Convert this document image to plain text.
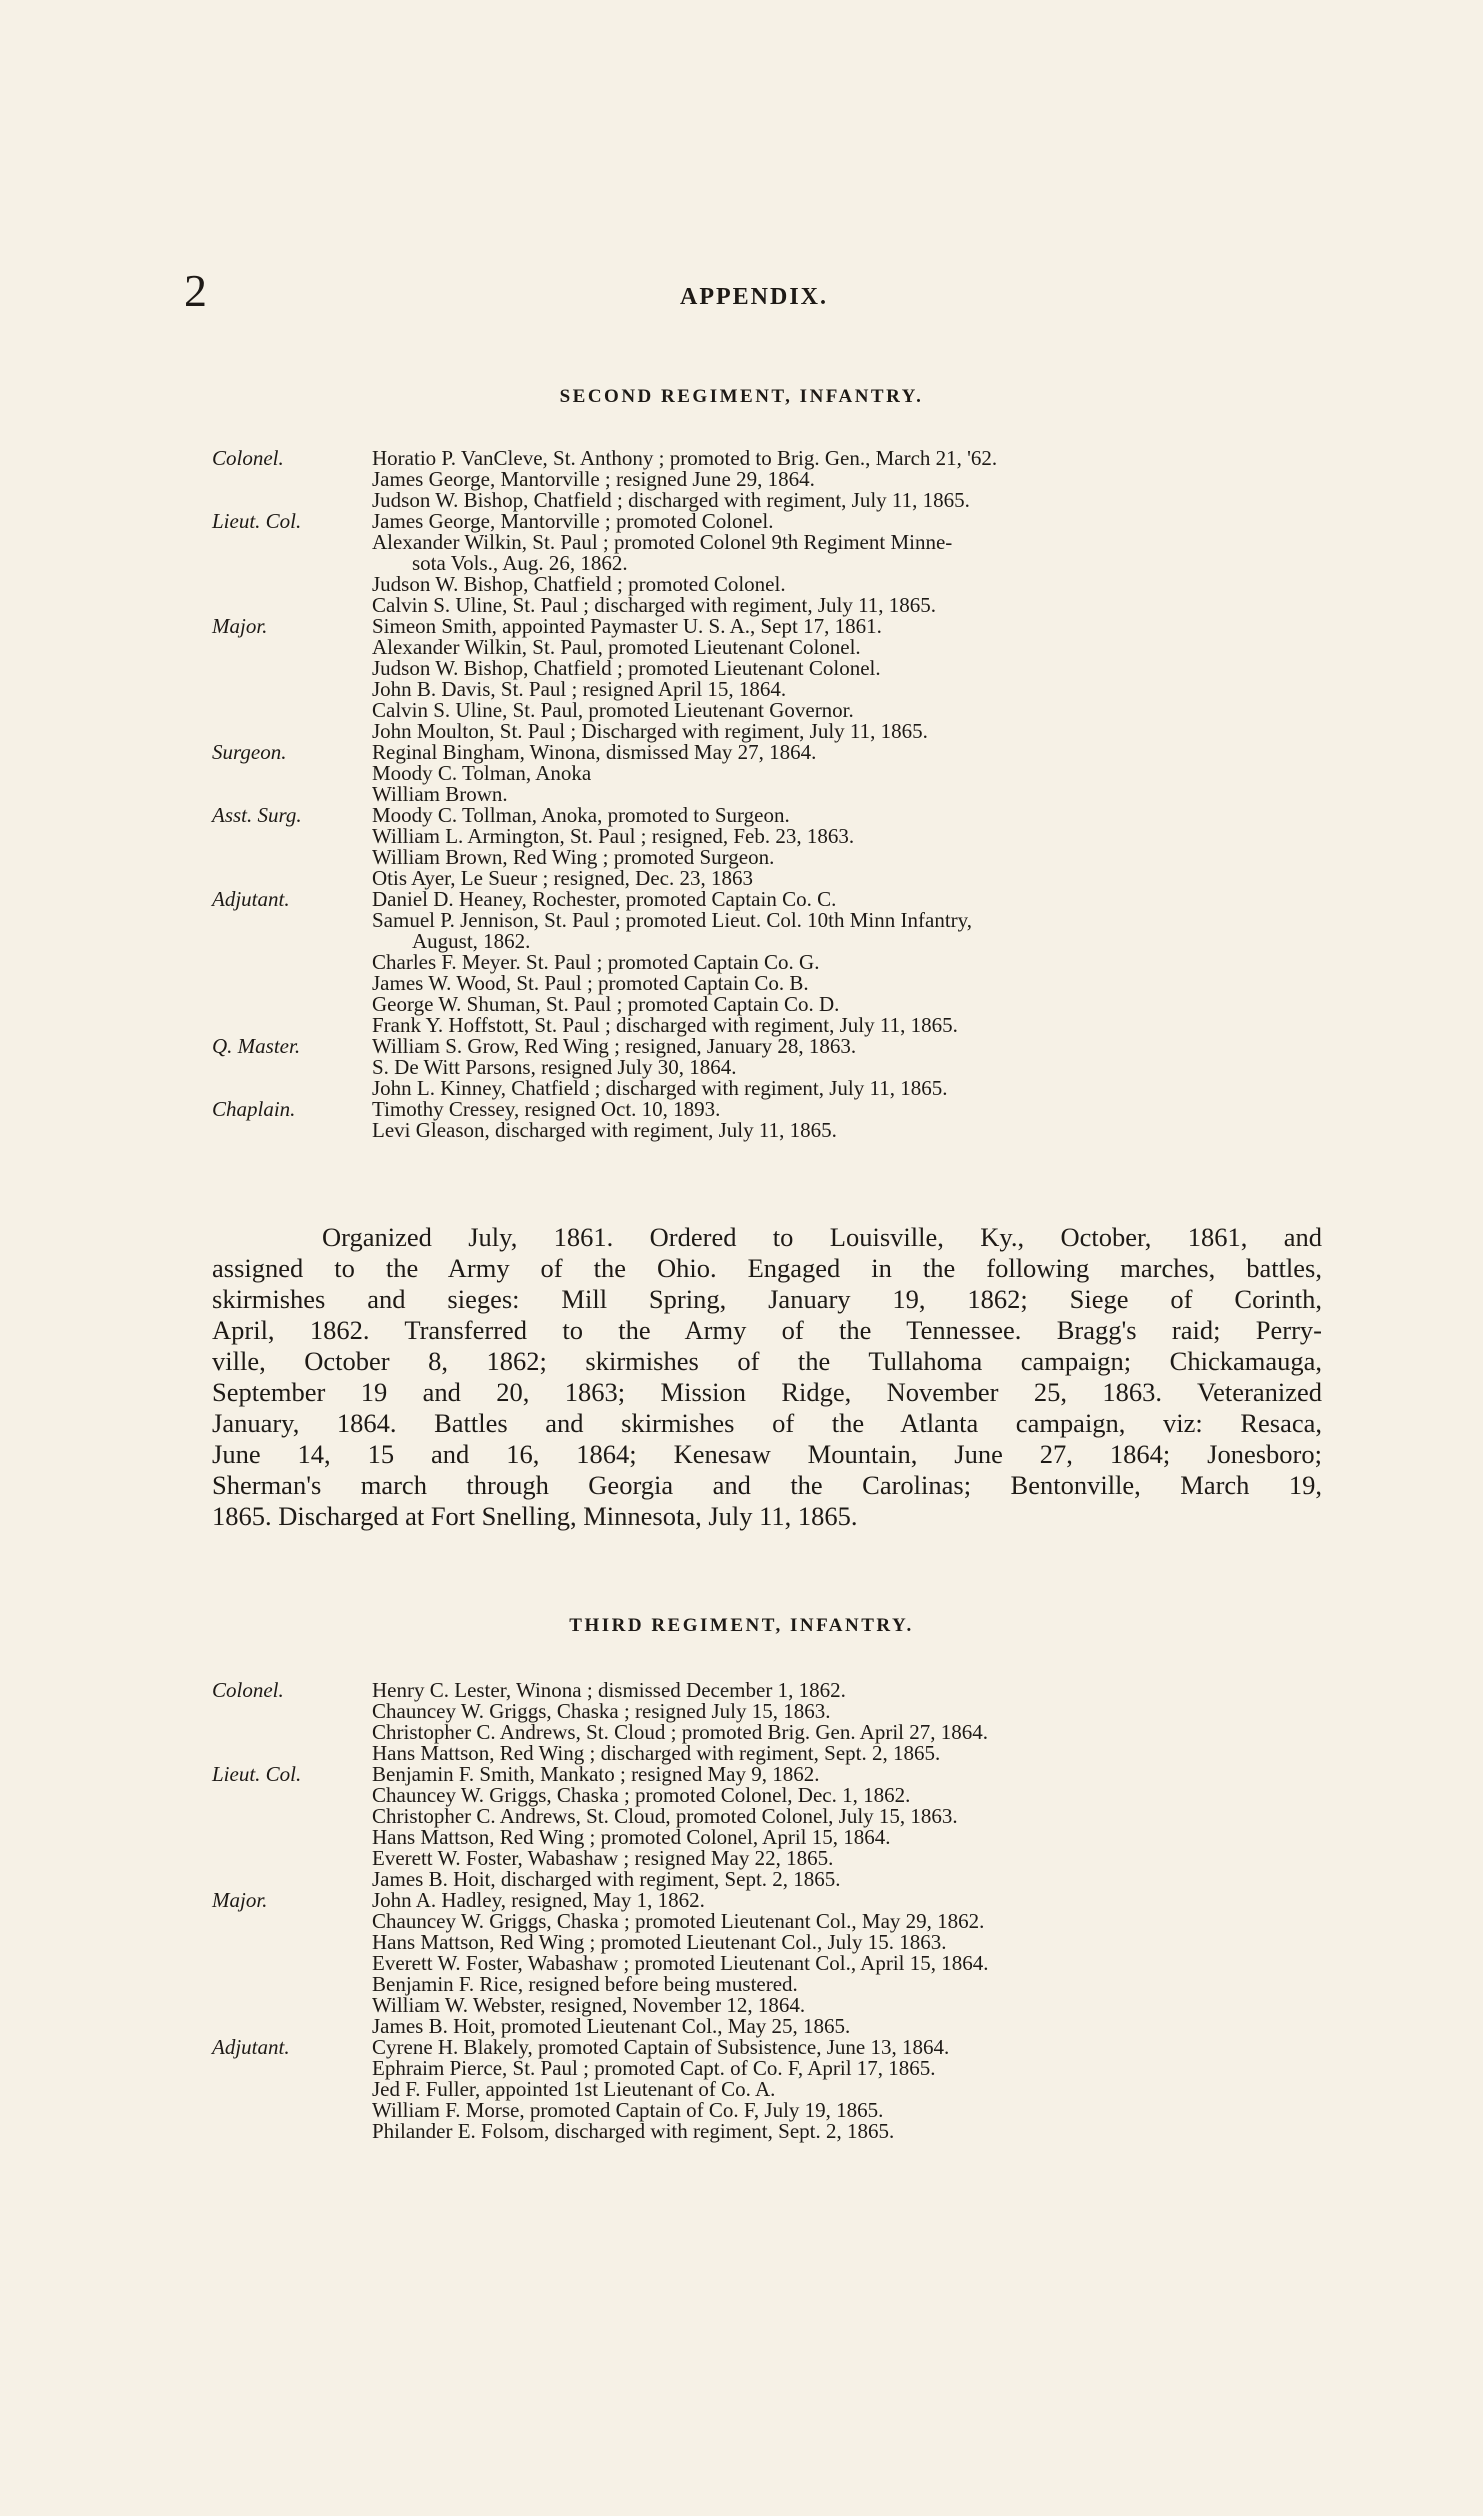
2	APPENDIX.
SECOND REGIMENT, INFANTRY.
Colonel.	Horatio P. VanCleve, St. Anthony ; promoted to Brig. Gen., March 21, '62.
James George, Mantorville ; resigned June 29, 1864.
Judson W. Bishop, Chatfield ; discharged with regiment, July 11, 1865.
Lieut. Col.	James George, Mantorville ; promoted Colonel.
Alexander Wilkin, St. Paul ; promoted Colonel 9th Regiment Minne-
sota Vols., Aug. 26, 1862.
Judson W. Bishop, Chatfield ; promoted Colonel.
Calvin S. Uline, St. Paul ; discharged with regiment, July 11, 1865.
Major.	Simeon Smith, appointed Paymaster U. S. A., Sept 17, 1861.
Alexander Wilkin, St. Paul, promoted Lieutenant Colonel.
Judson W. Bishop, Chatfield ; promoted Lieutenant Colonel.
John B. Davis, St. Paul ; resigned April 15, 1864.
Calvin S. Uline, St. Paul, promoted Lieutenant Governor.
John Moulton, St. Paul ; Discharged with regiment, July 11, 1865.
Surgeon.	Reginal Bingham, Winona, dismissed May 27, 1864.
Moody C. Tolman, Anoka
William Brown.
Asst. Surg.	Moody C. Tollman, Anoka, promoted to Surgeon.
William L. Armington, St. Paul ; resigned, Feb. 23, 1863.
William Brown, Red Wing ; promoted Surgeon.
Otis Ayer, Le Sueur ; resigned, Dec. 23, 1863
Adjutant.	Daniel D. Heaney, Rochester, promoted Captain Co. C.
Samuel P. Jennison, St. Paul ; promoted Lieut. Col. 10th Minn Infantry,
August, 1862.
Charles F. Meyer. St. Paul ; promoted Captain Co. G.
James W. Wood, St. Paul ; promoted Captain Co. B.
George W. Shuman, St. Paul ; promoted Captain Co. D.
Frank Y. Hoffstott, St. Paul ; discharged with regiment, July 11, 1865.
Q. Master.	William S. Grow, Red Wing ; resigned, January 28, 1863.
S. De Witt Parsons, resigned July 30, 1864.
John L. Kinney, Chatfield ; discharged with regiment, July 11, 1865.
Chaplain.	Timothy Cressey, resigned Oct. 10, 1893.
Levi Gleason, discharged with regiment, July 11, 1865.
Organized July, 1861. Ordered to Louisville, Ky., October, 1861, and
assigned to the Army of the Ohio. Engaged in the following marches, battles,
skirmishes and sieges: Mill Spring, January 19, 1862; Siege of Corinth,
April, 1862. Transferred to the Army of the Tennessee. Bragg's raid; Perry-
ville, October 8, 1862; skirmishes of the Tullahoma campaign; Chickamauga,
September 19 and 20, 1863; Mission Ridge, November 25, 1863. Veteranized
January, 1864. Battles and skirmishes of the Atlanta campaign, viz: Resaca,
June 14, 15 and 16, 1864; Kenesaw Mountain, June 27, 1864; Jonesboro;
Sherman's march through Georgia and the Carolinas; Bentonville, March 19,
1865. Discharged at Fort Snelling, Minnesota, July 11, 1865.
THIRD REGIMENT, INFANTRY.
Colonel.	Henry C. Lester, Winona ; dismissed December 1, 1862.
Chauncey W. Griggs, Chaska ; resigned July 15, 1863.
Christopher C. Andrews, St. Cloud ; promoted Brig. Gen. April 27, 1864.
Hans Mattson, Red Wing ; discharged with regiment, Sept. 2, 1865.
Lieut. Col.	Benjamin F. Smith, Mankato ; resigned May 9, 1862.
Chauncey W. Griggs, Chaska ; promoted Colonel, Dec. 1, 1862.
Christopher C. Andrews, St. Cloud, promoted Colonel, July 15, 1863.
Hans Mattson, Red Wing ; promoted Colonel, April 15, 1864.
Everett W. Foster, Wabashaw ; resigned May 22, 1865.
James B. Hoit, discharged with regiment, Sept. 2, 1865.
Major.	John A. Hadley, resigned, May 1, 1862.
Chauncey W. Griggs, Chaska ; promoted Lieutenant Col., May 29, 1862.
Hans Mattson, Red Wing ; promoted Lieutenant Col., July 15. 1863.
Everett W. Foster, Wabashaw ; promoted Lieutenant Col., April 15, 1864.
Benjamin F. Rice, resigned before being mustered.
William W. Webster, resigned, November 12, 1864.
James B. Hoit, promoted Lieutenant Col., May 25, 1865.
Adjutant.	Cyrene H. Blakely, promoted Captain of Subsistence, June 13, 1864.
Ephraim Pierce, St. Paul ; promoted Capt. of Co. F, April 17, 1865.
Jed F. Fuller, appointed 1st Lieutenant of Co. A.
William F. Morse, promoted Captain of Co. F, July 19, 1865.
Philander E. Folsom, discharged with regiment, Sept. 2, 1865.
